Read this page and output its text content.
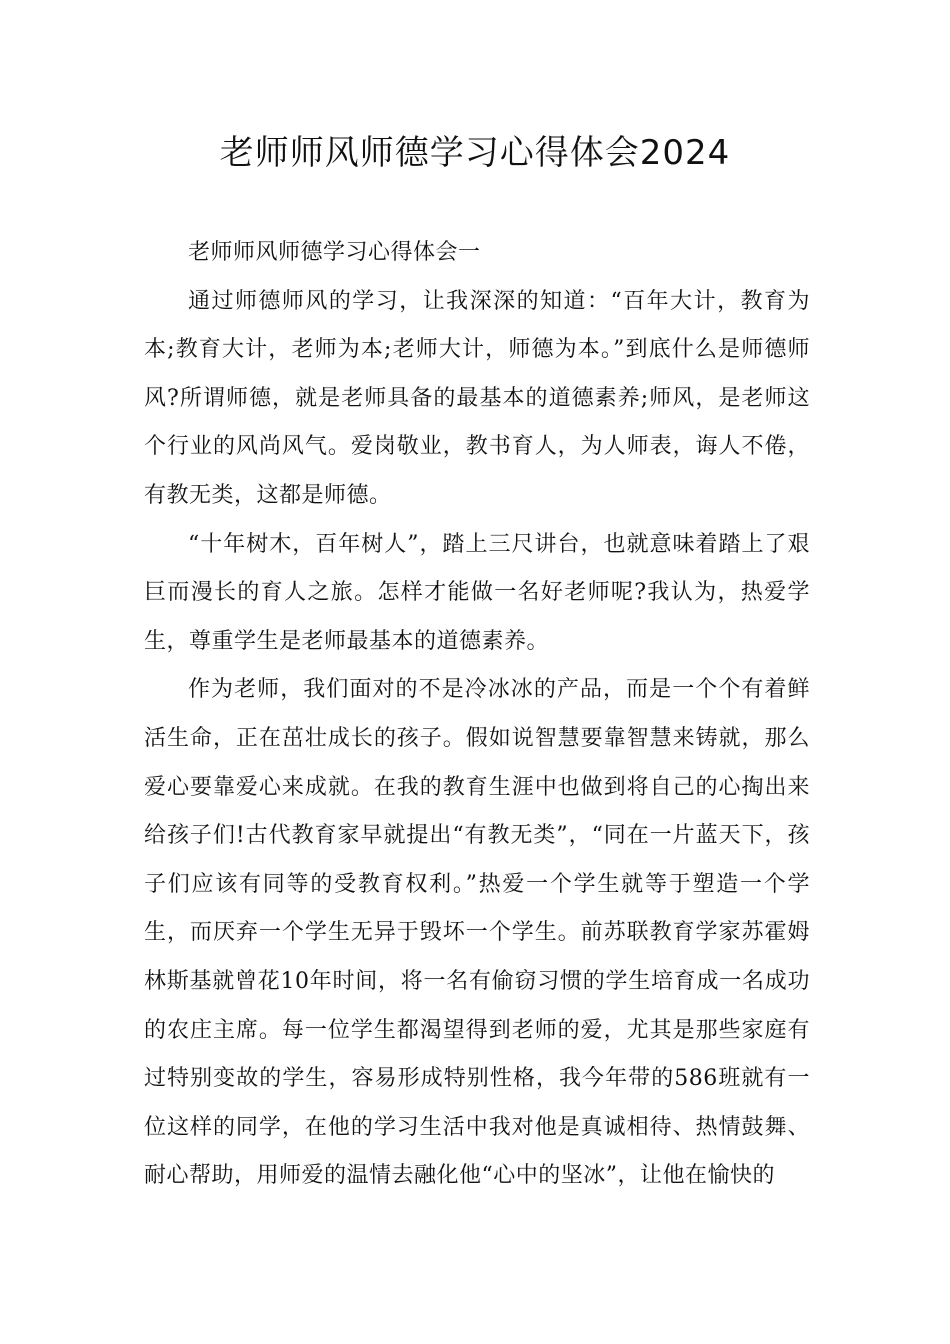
老师师风师德学习心得体会2024

老师师风师德学习心得体会一

通过师德师风的学习，让我深深的知道：“百年大计，教育为本;教育大计，老师为本;老师大计，师德为本。”到底什么是师德师风?所谓师德，就是老师具备的最基本的道德素养;师风，是老师这个行业的风尚风气。爱岗敬业，教书育人，为人师表，诲人不倦，有教无类，这都是师德。

“十年树木，百年树人”，踏上三尺讲台，也就意味着踏上了艰巨而漫长的育人之旅。怎样才能做一名好老师呢?我认为，热爱学生，尊重学生是老师最基本的道德素养。

作为老师，我们面对的不是冷冰冰的产品，而是一个个有着鲜活生命，正在茁壮成长的孩子。假如说智慧要靠智慧来铸就，那么爱心要靠爱心来成就。在我的教育生涯中也做到将自己的心掏出来给孩子们!古代教育家早就提出“有教无类”，“同在一片蓝天下，孩子们应该有同等的受教育权利。”热爱一个学生就等于塑造一个学生，而厌弃一个学生无异于毁坏一个学生。前苏联教育学家苏霍姆林斯基就曾花10年时间，将一名有偷窃习惯的学生培育成一名成功的农庄主席。每一位学生都渴望得到老师的爱，尤其是那些家庭有过特别变故的学生，容易形成特别性格，我今年带的586班就有一位这样的同学，在他的学习生活中我对他是真诚相待、热情鼓舞、耐心帮助，用师爱的温情去融化他“心中的坚冰”，让他在愉快的
